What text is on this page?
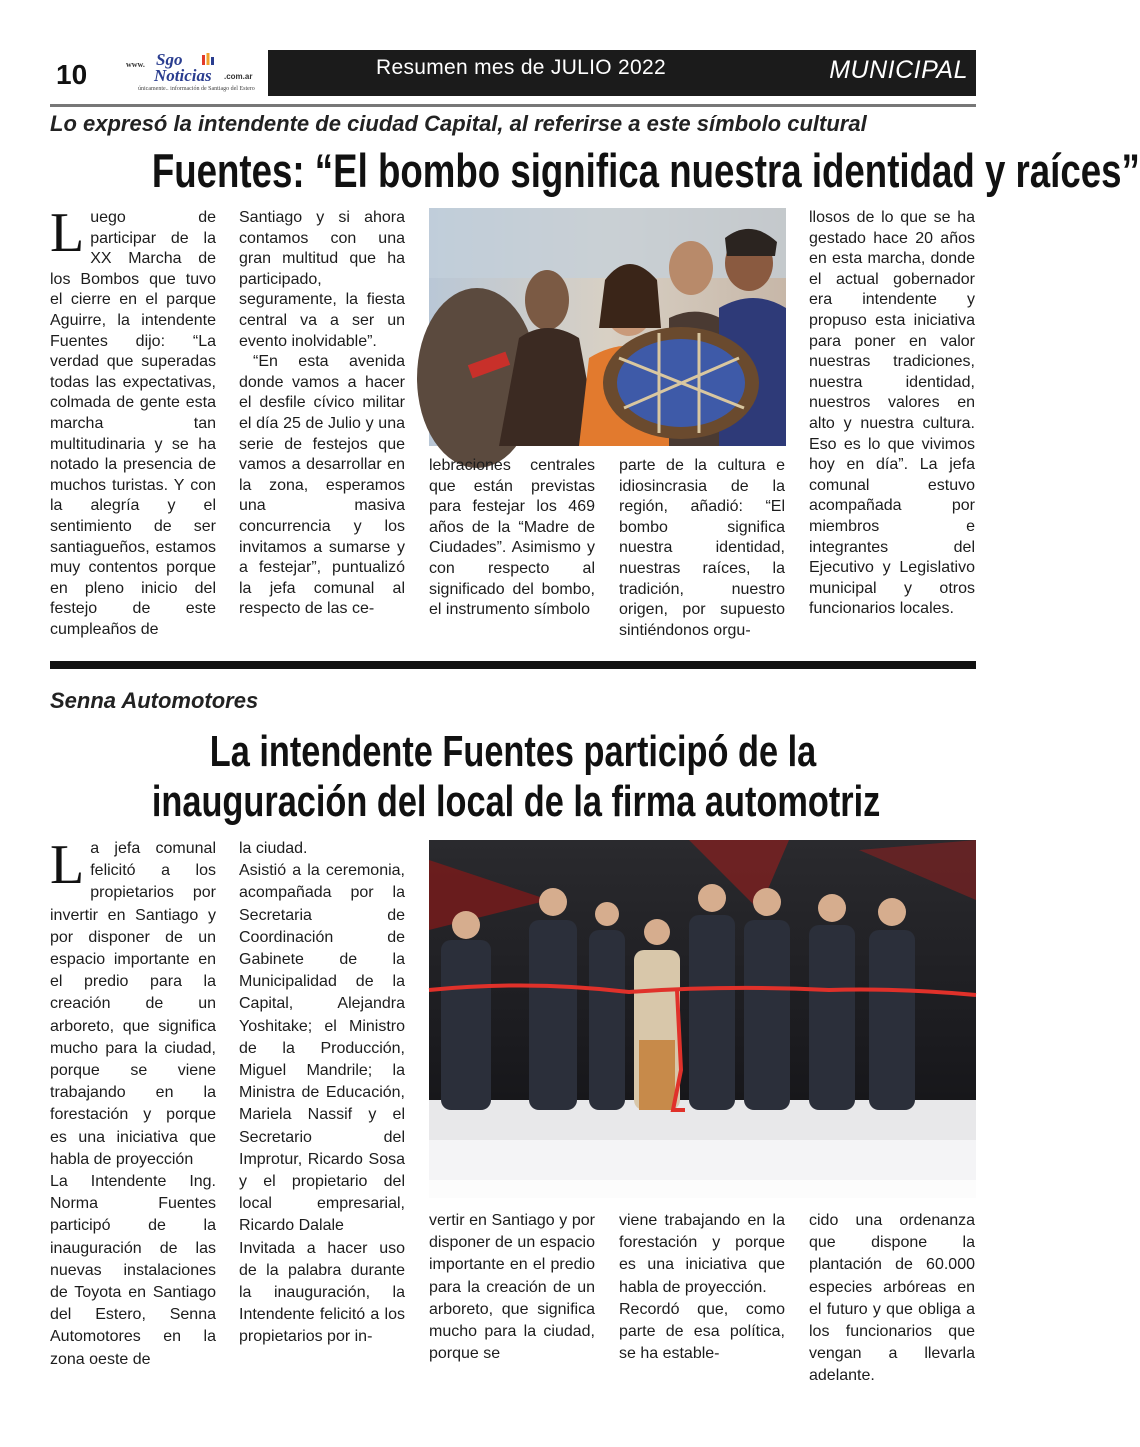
10	www. Sgo
Noticias .com.ar
únicamente.. información de Santiago del Estero
Resumen mes de JULIO 2022	MUNICIPAL
Lo expresó la intendente de ciudad Capital, al referirse a este símbolo cultural
Fuentes: “El bombo significa nuestra identidad y raíces”
L uego de participar de la XX Marcha de los Bombos que tuvo el cierre en el parque Aguirre, la intendente Fuentes dijo: “La verdad que superadas todas las expectativas, colmada de gente esta marcha tan multitudinaria y se ha notado la presencia de muchos turistas. Y con la alegría y el sentimiento de ser santiagueños, estamos muy contentos porque en pleno inicio del festejo de este cumpleaños de
Santiago y si ahora contamos con una gran multitud que ha participado, seguramente, la fiesta central va a ser un evento inolvidable”.
“En esta avenida donde vamos a hacer el desfile cívico militar el día 25 de Julio y una serie de festejos que vamos a desarrollar en la zona, esperamos una masiva concurrencia y los invitamos a sumarse y a festejar”, puntualizó la jefa comunal al respecto de las ce-
lebraciones centrales que están previstas para festejar los 469 años de la “Madre de Ciudades”. Asimismo y con respecto al significado del bombo, el instrumento símbolo
parte de la cultura e idiosincrasia de la región, añadió: “El bombo significa nuestra identidad, nuestras raíces, la tradición, nuestro origen, por supuesto sintiéndonos orgu-
llosos de lo que se ha gestado hace 20 años en esta marcha, donde el actual gobernador era intendente y propuso esta iniciativa para poner en valor nuestras tradiciones, nuestra identidad, nuestros valores en alto y nuestra cultura. Eso es lo que vivimos hoy en día”. La jefa comunal estuvo acompañada por miembros e integrantes del Ejecutivo y Legislativo municipal y otros funcionarios locales.
Senna Automotores
La intendente Fuentes participó de la
inauguración del local de la firma automotriz
L a jefa comunal felicitó a los propietarios por invertir en Santiago y por disponer de un espacio importante en el predio para la creación de un arboreto, que significa mucho para la ciudad, porque se viene trabajando en la forestación y porque es una iniciativa que habla de proyección
La Intendente Ing. Norma Fuentes participó de la inauguración de las nuevas instalaciones de Toyota en Santiago del Estero, Senna Automotores en la zona oeste de
la ciudad.
Asistió a la ceremonia, acompañada por la Secretaria de Coordinación de Gabinete de la Municipalidad de la Capital, Alejandra Yoshitake; el Ministro de la Producción, Miguel Mandrile; la Ministra de Educación, Mariela Nassif y el Secretario del Improtur, Ricardo Sosa y el propietario del local empresarial, Ricardo Dalale
Invitada a hacer uso de la palabra durante la inauguración, la Intendente felicitó a los propietarios por in-
vertir en Santiago y por disponer de un espacio importante en el predio para la creación de un arboreto, que significa mucho para la ciudad, porque se
viene trabajando en la forestación y porque es una iniciativa que habla de proyección.
Recordó que, como parte de esa política, se ha estable-
cido una ordenanza que dispone la plantación de 60.000 especies arbóreas en el futuro y que obliga a los funcionarios que vengan a llevarla adelante.
